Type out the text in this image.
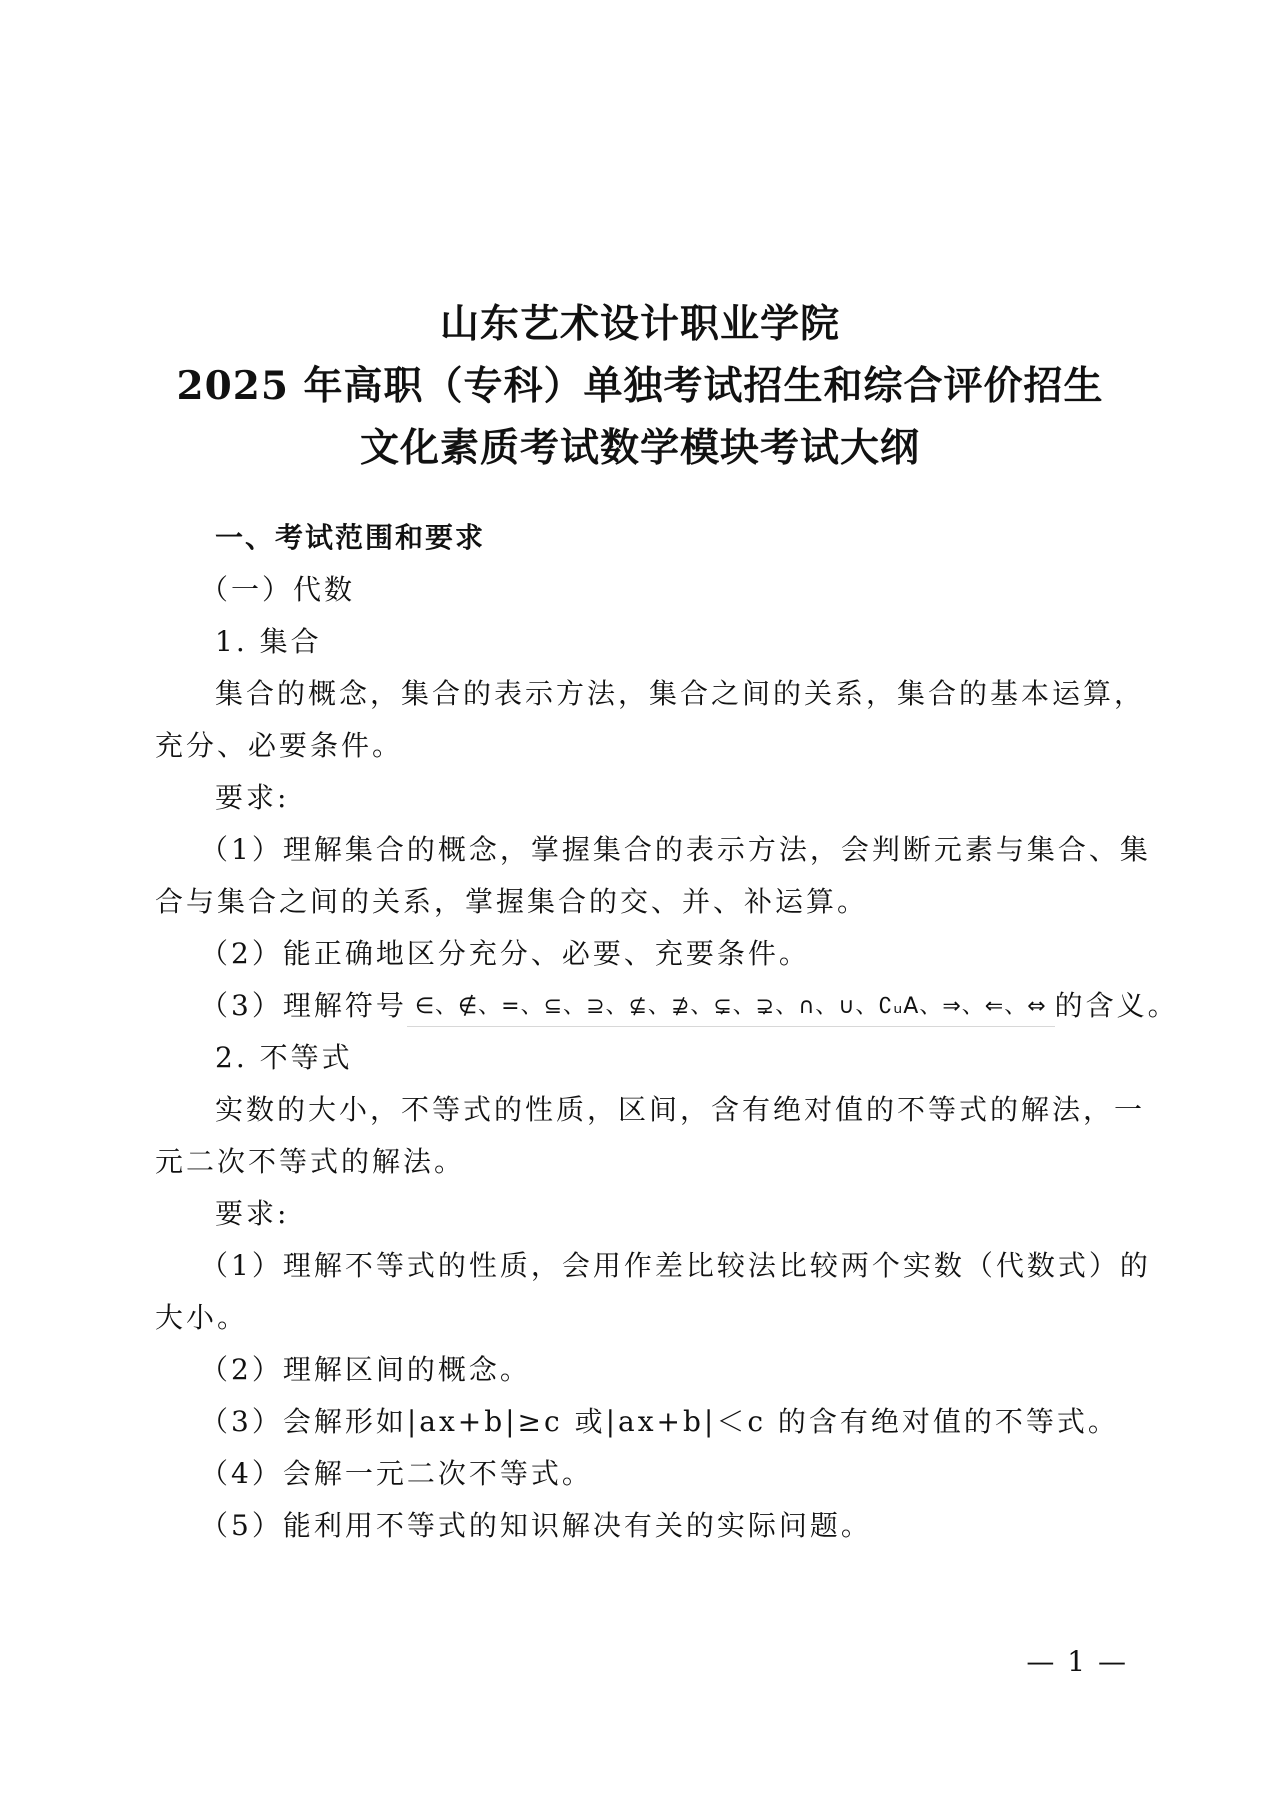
山东艺术设计职业学院
2025 年高职（专科）单独考试招生和综合评价招生
文化素质考试数学模块考试大纲
一、考试范围和要求
（一）代数
1. 集合
集合的概念，集合的表示方法，集合之间的关系，集合的基本运算，
充分、必要条件。
要求:
（1）理解集合的概念，掌握集合的表示方法，会判断元素与集合、集
合与集合之间的关系，掌握集合的交、并、补运算。
（2）能正确地区分充分、必要、充要条件。
（3）理解符号 ∈、∉、=、⊆、⊇、⊈、⊉、⊊、⊋、∩、∪、∁ᵤA、⇒、⇐、⇔ 的含义。
2. 不等式
实数的大小，不等式的性质，区间，含有绝对值的不等式的解法，一
元二次不等式的解法。
要求:
（1）理解不等式的性质，会用作差比较法比较两个实数（代数式）的
大小。
（2）理解区间的概念。
（3）会解形如|ax+b|≥c 或|ax+b|＜c 的含有绝对值的不等式。
（4）会解一元二次不等式。
（5）能利用不等式的知识解决有关的实际问题。
— 1 —
